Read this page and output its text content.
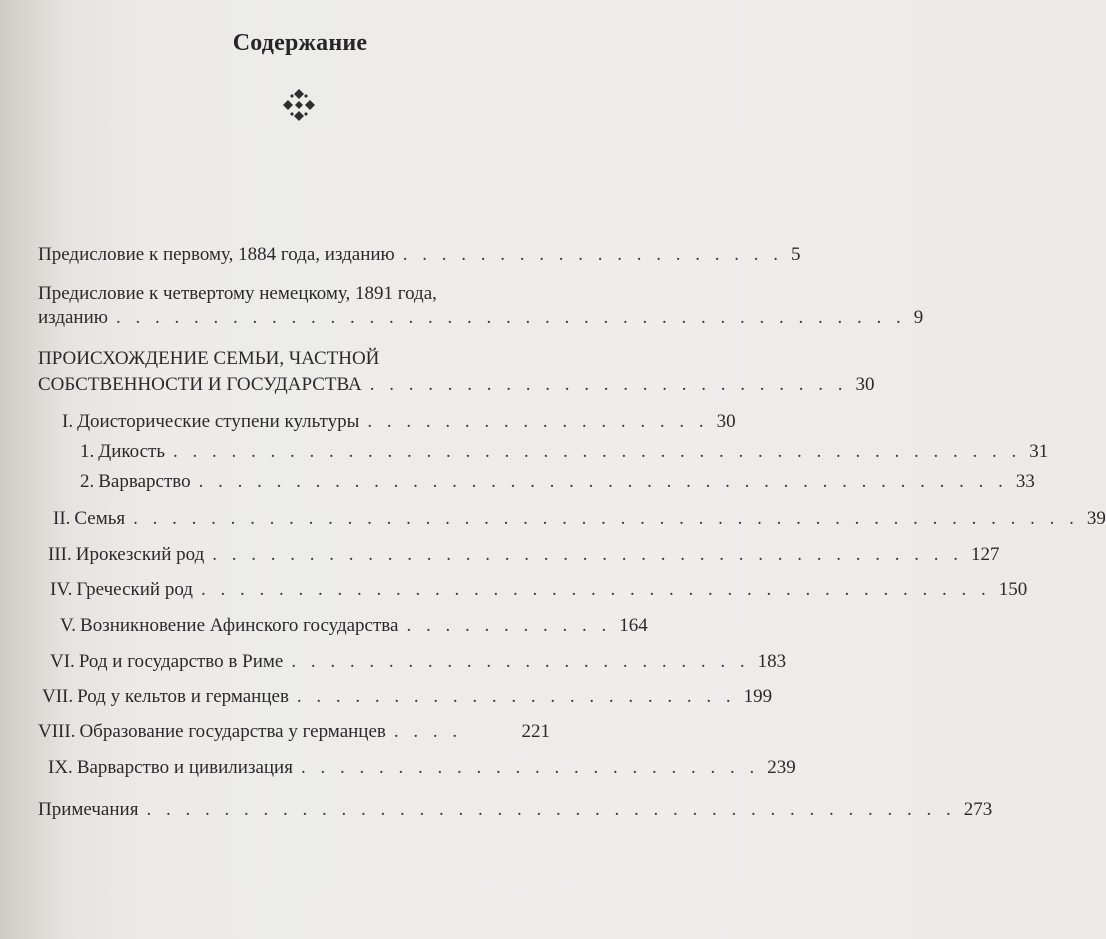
Содержание
Предисловие к первому, 1884 года, изданию . . . . . . . . . . . . . . . . . . . . 5
Предисловие к четвертому немецкому, 1891 года,
изданию . . . . . . . . . . . . . . . . . . . . . . . . . . . . . . . . . . . . . . . . . 9
ПРОИСХОЖДЕНИЕ СЕМЬИ, ЧАСТНОЙ
СОБСТВЕННОСТИ И ГОСУДАРСТВА . . . . . . . . . . . . . . . . . . . . . . . . . 30
I. Доисторические ступени культуры . . . . . . . . . . . . . . . . . . 30
1. Дикость . . . . . . . . . . . . . . . . . . . . . . . . . . . . . . . . . . . . . . . . . . . . 31
2. Варварство . . . . . . . . . . . . . . . . . . . . . . . . . . . . . . . . . . . . . . . . . . 33
II. Семья . . . . . . . . . . . . . . . . . . . . . . . . . . . . . . . . . . . . . . . . . . . . . . . . . 39
III. Ирокезский род . . . . . . . . . . . . . . . . . . . . . . . . . . . . . . . . . . . . . . . 127
IV. Греческий род . . . . . . . . . . . . . . . . . . . . . . . . . . . . . . . . . . . . . . . . . 150
V. Возникновение Афинского государства . . . . . . . . . . . 164
VI. Род и государство в Риме . . . . . . . . . . . . . . . . . . . . . . . . 183
VII. Род у кельтов и германцев . . . . . . . . . . . . . . . . . . . . . . . 199
VIII. Образование государства у германцев . . . .	221
IX. Варварство и цивилизация . . . . . . . . . . . . . . . . . . . . . . . . 239
Примечания . . . . . . . . . . . . . . . . . . . . . . . . . . . . . . . . . . . . . . . . . . 273
